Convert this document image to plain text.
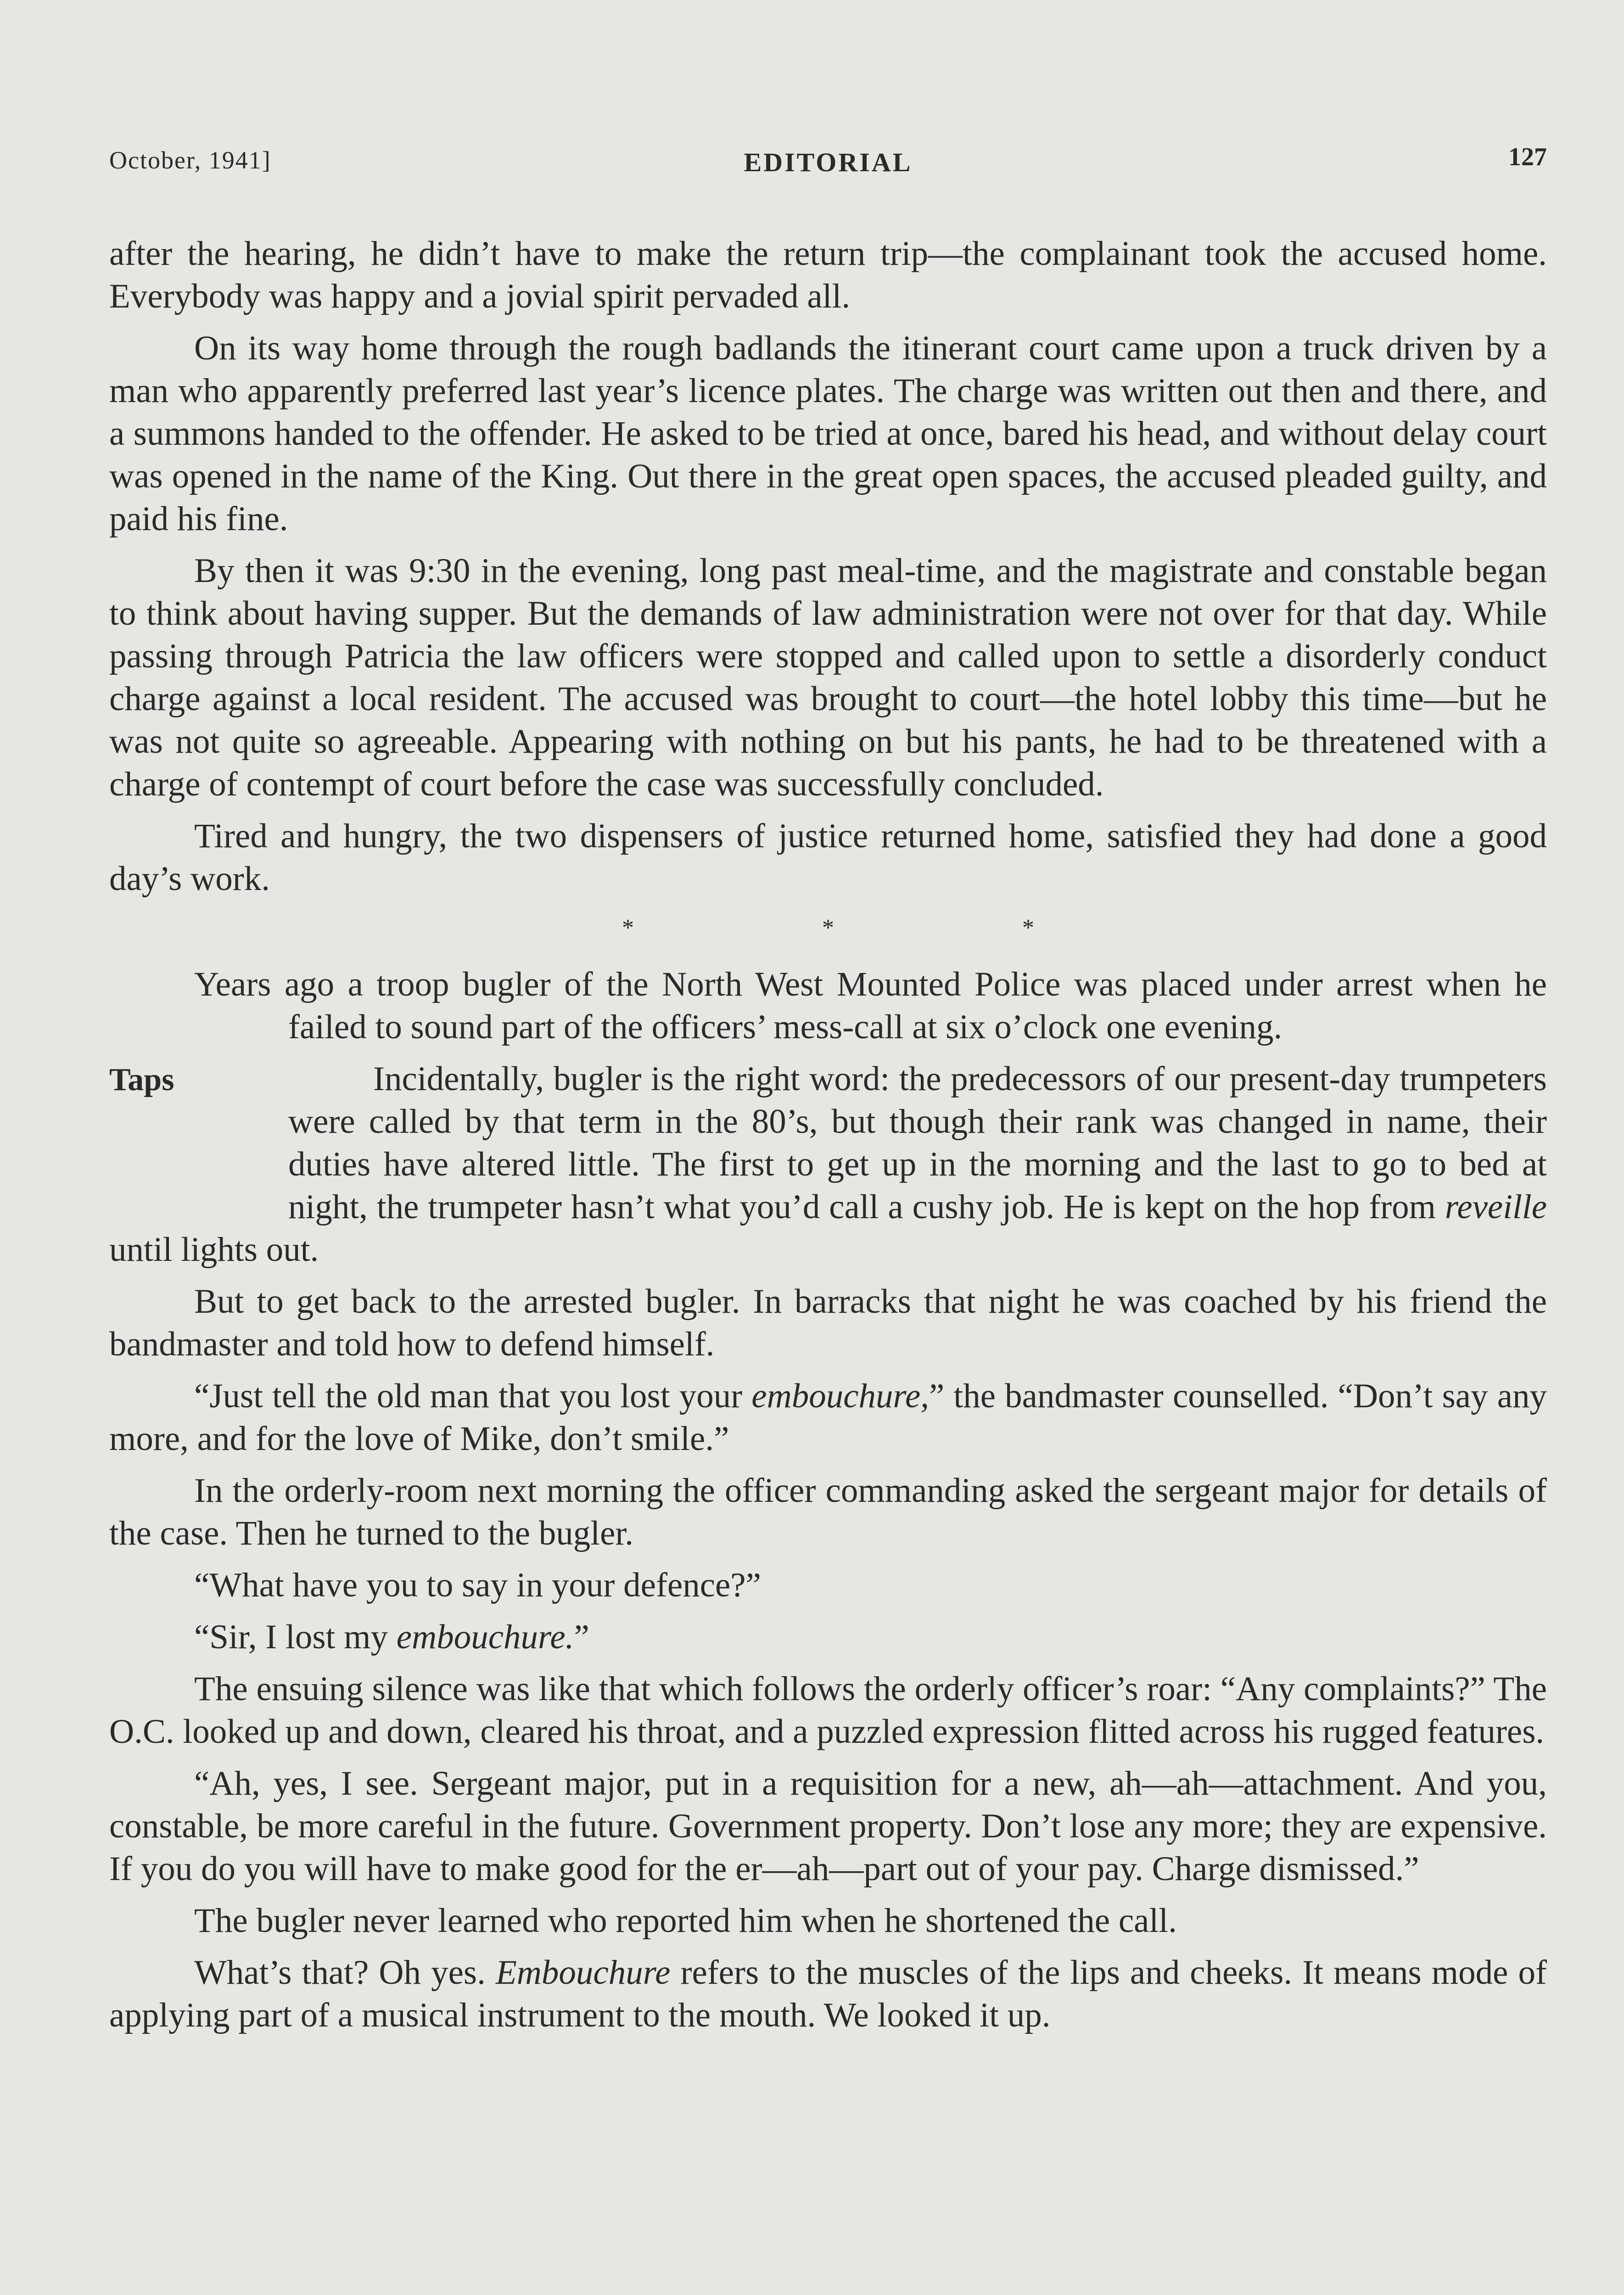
October, 1941]	EDITORIAL	127

after the hearing, he didn’t have to make the return trip—the complainant took the accused home. Everybody was happy and a jovial spirit pervaded all.

On its way home through the rough badlands the itinerant court came upon a truck driven by a man who apparently preferred last year’s licence plates. The charge was written out then and there, and a summons handed to the offender. He asked to be tried at once, bared his head, and without delay court was opened in the name of the King. Out there in the great open spaces, the accused pleaded guilty, and paid his fine.

By then it was 9:30 in the evening, long past meal-time, and the magistrate and constable began to think about having supper. But the demands of law administration were not over for that day. While passing through Patricia the law officers were stopped and called upon to settle a disorderly conduct charge against a local resident. The accused was brought to court—the hotel lobby this time—but he was not quite so agreeable. Appearing with nothing on but his pants, he had to be threatened with a charge of contempt of court before the case was successfully concluded.

Tired and hungry, the two dispensers of justice returned home, satisfied they had done a good day’s work.

*	*	*
Taps

Years ago a troop bugler of the North West Mounted Police was placed under arrest when he failed to sound part of the officers’ mess-call at six o’clock one evening.

Incidentally, bugler is the right word: the predecessors of our present-day trumpeters were called by that term in the 80’s, but though their rank was changed in name, their duties have altered little. The first to get up in the morning and the last to go to bed at night, the trumpeter hasn’t what you’d call a cushy job. He is kept on the hop from reveille until lights out.

But to get back to the arrested bugler. In barracks that night he was coached by his friend the bandmaster and told how to defend himself.

“Just tell the old man that you lost your embouchure,” the bandmaster counselled. “Don’t say any more, and for the love of Mike, don’t smile.”

In the orderly-room next morning the officer commanding asked the sergeant major for details of the case. Then he turned to the bugler.

“What have you to say in your defence?”

“Sir, I lost my embouchure.”

The ensuing silence was like that which follows the orderly officer’s roar: “Any complaints?” The O.C. looked up and down, cleared his throat, and a puzzled expression flitted across his rugged features.

“Ah, yes, I see. Sergeant major, put in a requisition for a new, ah—ah—attachment. And you, constable, be more careful in the future. Government property. Don’t lose any more; they are expensive. If you do you will have to make good for the er—ah—part out of your pay. Charge dismissed.”

The bugler never learned who reported him when he shortened the call.

What’s that? Oh yes. Embouchure refers to the muscles of the lips and cheeks. It means mode of applying part of a musical instrument to the mouth. We looked it up.
